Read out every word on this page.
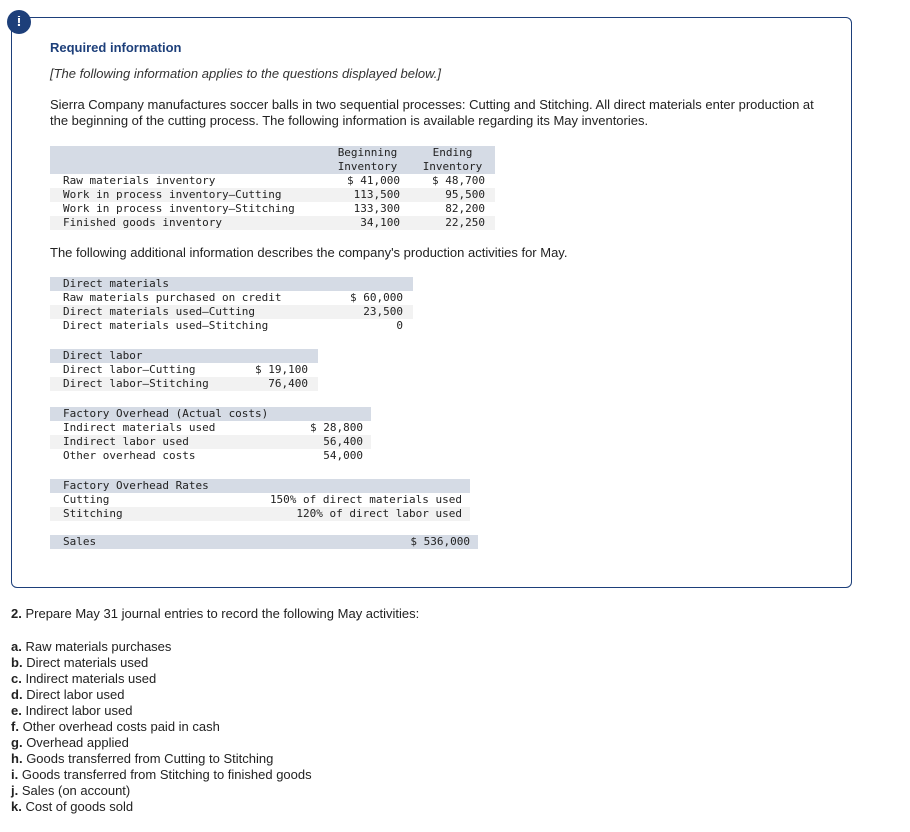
!
Required information
[The following information applies to the questions displayed below.]
Sierra Company manufactures soccer balls in two sequential processes: Cutting and Stitching. All direct materials enter production at the beginning of the cutting process. The following information is available regarding its May inventories.
	Beginning	Ending
	Inventory	Inventory
Raw materials inventory	$ 41,000	$ 48,700
Work in process inventory—Cutting	113,500	95,500
Work in process inventory—Stitching	133,300	82,200
Finished goods inventory	34,100	22,250
The following additional information describes the company's production activities for May.
Direct materials	
Raw materials purchased on credit	$ 60,000
Direct materials used—Cutting	23,500
Direct materials used—Stitching	0
Direct labor	
Direct labor—Cutting	$ 19,100
Direct labor—Stitching	76,400
Factory Overhead (Actual costs)	
Indirect materials used	$ 28,800
Indirect labor used	56,400
Other overhead costs	54,000
Factory Overhead Rates	
Cutting	150% of direct materials used
Stitching	120% of direct labor used
Sales	$ 536,000
2. Prepare May 31 journal entries to record the following May activities:
a. Raw materials purchases
b. Direct materials used
c. Indirect materials used
d. Direct labor used
e. Indirect labor used
f. Other overhead costs paid in cash
g. Overhead applied
h. Goods transferred from Cutting to Stitching
i. Goods transferred from Stitching to finished goods
j. Sales (on account)
k. Cost of goods sold
